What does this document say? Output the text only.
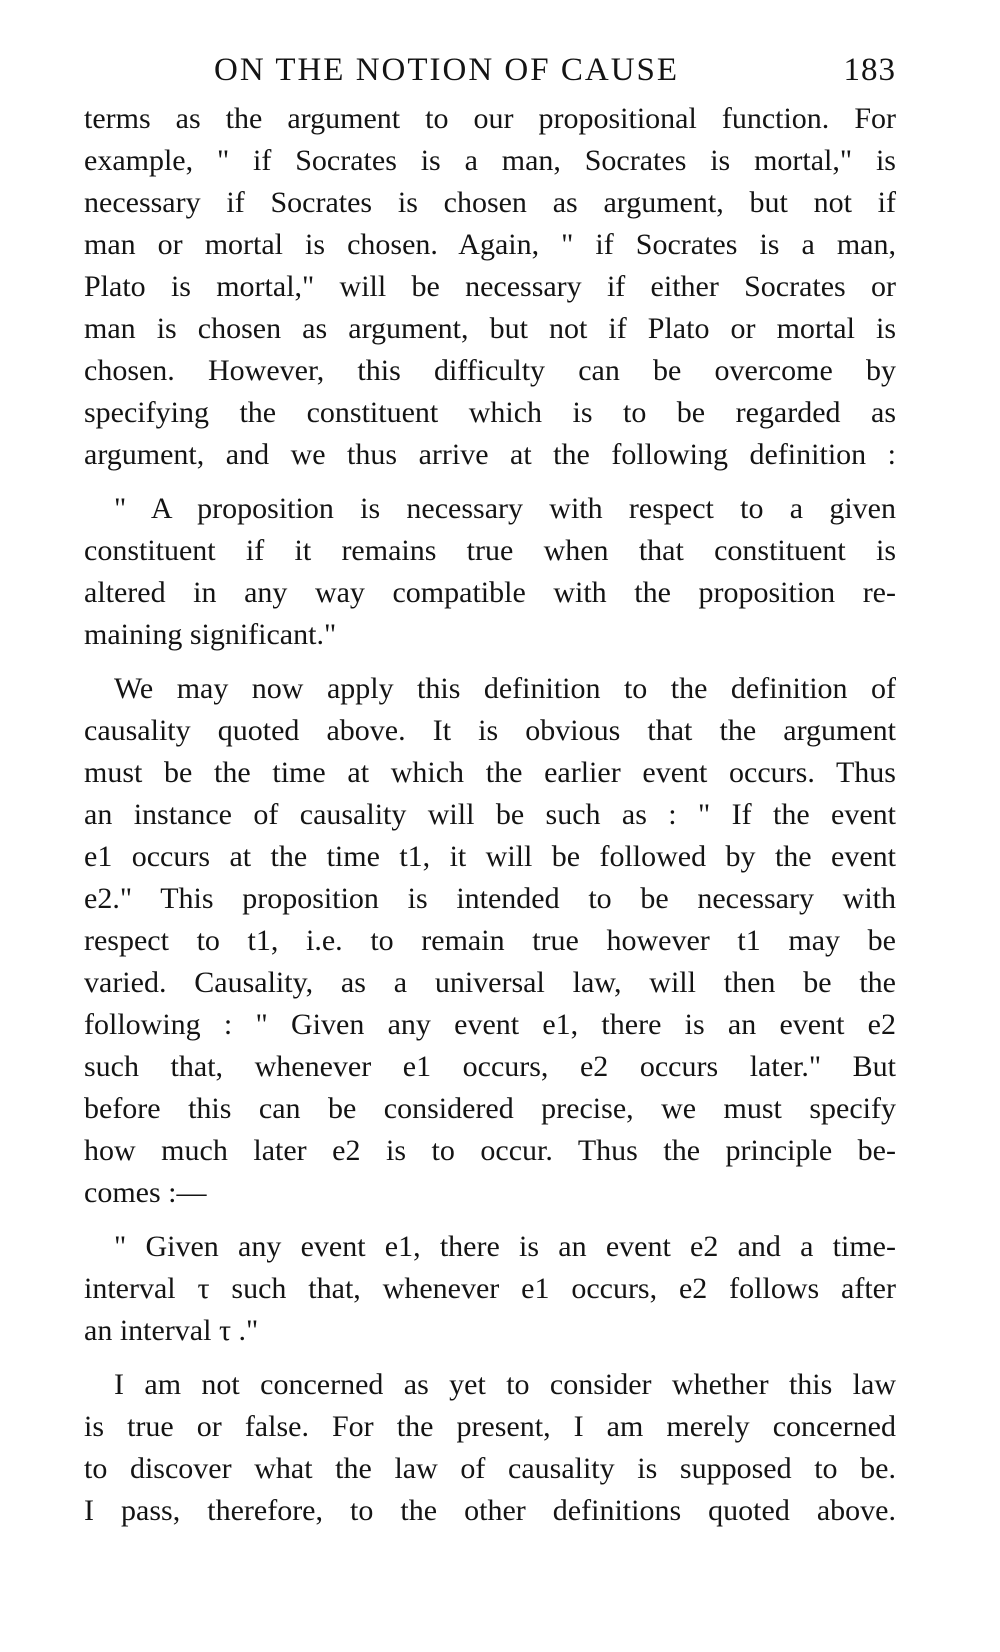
ON THE NOTION OF CAUSE	183

terms as the argument to our propositional function. For
example, " if Socrates is a man, Socrates is mortal," is
necessary if Socrates is chosen as argument, but not if
man or mortal is chosen. Again, " if Socrates is a man,
Plato is mortal," will be necessary if either Socrates or
man is chosen as argument, but not if Plato or mortal is
chosen. However, this difficulty can be overcome by
specifying the constituent which is to be regarded as
argument, and we thus arrive at the following definition :

" A proposition is necessary with respect to a given
constituent if it remains true when that constituent is
altered in any way compatible with the proposition re-
maining significant."

We may now apply this definition to the definition of
causality quoted above. It is obvious that the argument
must be the time at which the earlier event occurs. Thus
an instance of causality will be such as : " If the event
e1 occurs at the time t1, it will be followed by the event
e2." This proposition is intended to be necessary with
respect to t1, i.e. to remain true however t1 may be
varied. Causality, as a universal law, will then be the
following : " Given any event e1, there is an event e2
such that, whenever e1 occurs, e2 occurs later." But
before this can be considered precise, we must specify
how much later e2 is to occur. Thus the principle be-
comes :—

" Given any event e1, there is an event e2 and a time-
interval τ such that, whenever e1 occurs, e2 follows after
an interval τ ."

I am not concerned as yet to consider whether this law
is true or false. For the present, I am merely concerned
to discover what the law of causality is supposed to be.
I pass, therefore, to the other definitions quoted above.
